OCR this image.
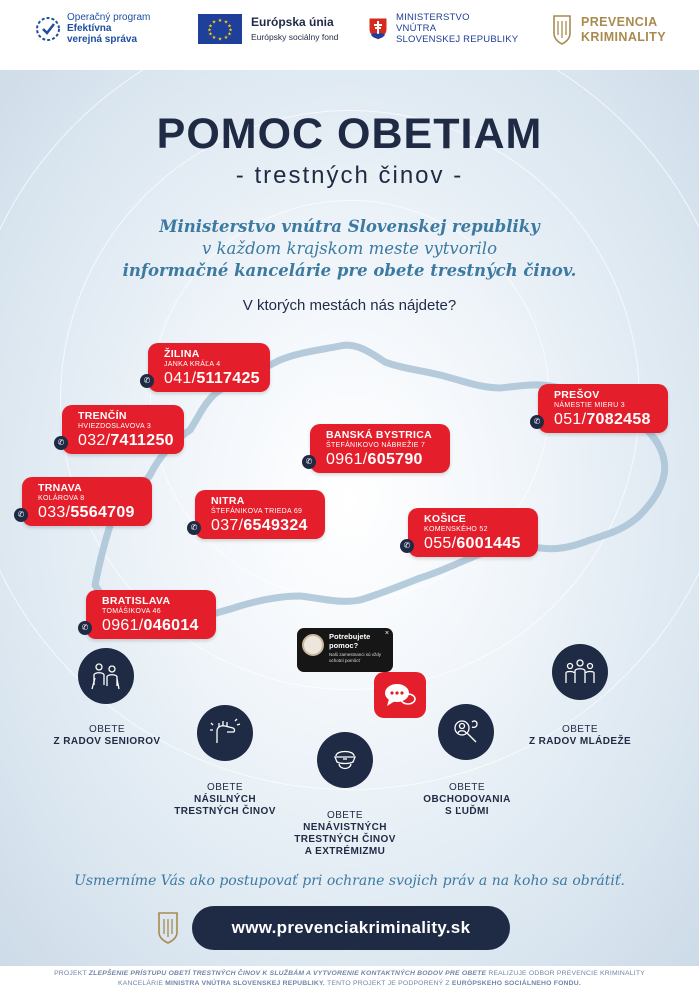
Operačný program
Efektívna
verejná správa
★ ★
★
★
★
★
★
★
★
★
★
★	Európska únia
Európsky sociálny fond
MINISTERSTVO
VNÚTRA
SLOVENSKEJ REPUBLIKY
PREVENCIA
KRIMINALITY
POMOC OBETIAM
- trestných činov -
Ministerstvo vnútra Slovenskej republiky
v každom krajskom meste vytvorilo
informačné kancelárie pre obete trestných činov.
V ktorých mestách nás nájdete?
ŽILINA
JANKA KRÁĽA 4
041/5117425
✆
TRENČÍN
HVIEZDOSLAVOVA 3
032/7411250
✆
TRNAVA
KOLÁROVA 8
033/5564709
✆
NITRA
ŠTEFÁNIKOVA TRIEDA 69
037/6549324
✆
BANSKÁ BYSTRICA
ŠTEFÁNIKOVO NÁBREŽIE 7
0961/605790
✆
PREŠOV
NÁMESTIE MIERU 3
051/7082458
✆
KOŠICE
KOMENSKÉHO 52
055/6001445
✆
BRATISLAVA
TOMÁŠIKOVA 46
0961/046014
✆
Potrebujete pomoc?
Naši zamestnanci sú vždy ochotní pomôcť
×
OBETE
Z RADOV SENIOROV
OBETE
NÁSILNÝCH
TRESTNÝCH ČINOV	OBETE
NENÁVISTNÝCH
TRESTNÝCH ČINOV
A EXTRÉMIZMU
OBETE
OBCHODOVANIA
S ĽUĎMI
OBETE
Z RADOV MLÁDEŽE
Usmerníme Vás ako postupovať pri ochrane svojich práv a na koho sa obrátiť.
www.prevenciakriminality.sk
PROJEKT ZLEPŠENIE PRÍSTUPU OBETÍ TRESTNÝCH ČINOV K SLUŽBÁM A VYTVORENIE KONTAKTNÝCH BODOV PRE OBETE REALIZUJE ODBOR PREVENCIE KRIMINALITY
KANCELÁRIE MINISTRA VNÚTRA SLOVENSKEJ REPUBLIKY. TENTO PROJEKT JE PODPORENÝ Z EURÓPSKEHO SOCIÁLNEHO FONDU.
